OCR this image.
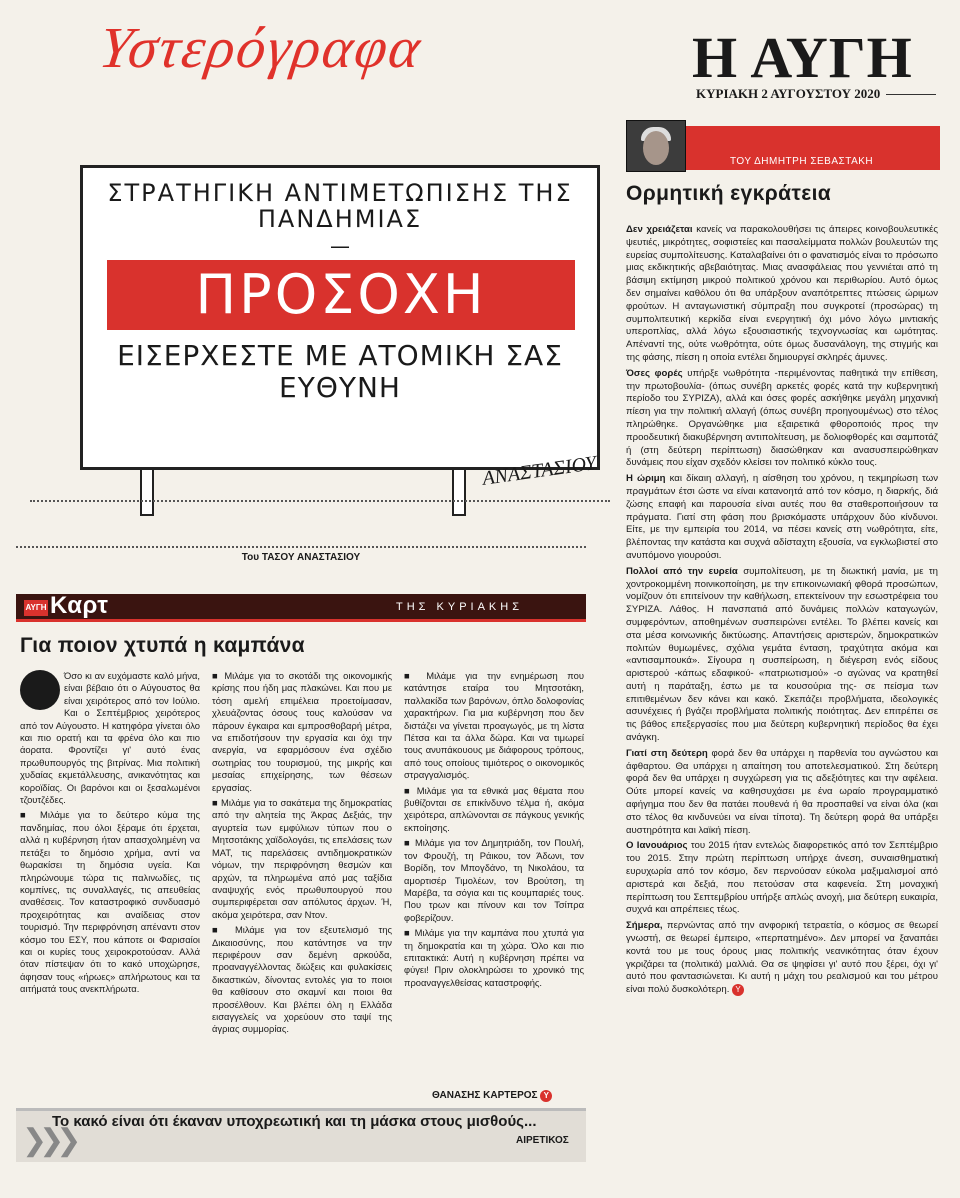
Υστερόγραφα	Η ΑΥΓΗ
ΚΥΡΙΑΚΗ 2 ΑΥΓΟΥΣΤΟΥ 2020
ΣΤΡΑΤΗΓΙΚΗ ΑΝΤΙΜΕΤΩΠΙΣΗΣ ΤΗΣ ΠΑΝΔΗΜΙΑΣ
—
ΠΡΟΣΟΧΗ
ΕΙΣΕΡΧΕΣΤΕ ΜΕ ΑΤΟΜΙΚΗ ΣΑΣ ΕΥΘΥΝΗ
ΑΝΑΣΤΑΣΙΟΥ
Του ΤΑΣΟΥ ΑΝΑΣΤΑΣΙΟΥ
ΤΟΥ ΔΗΜΗΤΡΗ ΣΕΒΑΣΤΑΚΗ
Ορμητική εγκράτεια

Δεν χρειάζεται κανείς να παρακολουθήσει τις άπειρες κοινοβουλευτικές ψευτιές, μικρότητες, σοφιστείες και πασαλείμματα πολλών βουλευτών της ευρείας συμπολίτευσης. Καταλαβαίνει ότι ο φανατισμός είναι το πρόσωπο μιας εκδικητικής αβεβαιότητας. Μιας ανασφάλειας που γεννιέται από τη βάσιμη εκτίμηση μικρού πολιτικού χρόνου και περιθωρίου. Αυτό όμως δεν σημαίνει καθόλου ότι θα υπάρξουν αναπότρεπτες πτώσεις ώριμων φρούτων. Η ανταγωνιστική σύμπραξη που συγκροτεί (προσώρας) τη συμπολιτευτική κερκίδα είναι ενεργητική όχι μόνο λόγω μιντιακής υπεροπλίας, αλλά λόγω εξουσιαστικής τεχνογνωσίας και ωμότητας. Απέναντί της, ούτε νωθρότητα, ούτε όμως δυσανάλογη, της στιγμής και της φάσης, πίεση η οποία εντέλει δημιουργεί σκληρές άμυνες.

Όσες φορές υπήρξε νωθρότητα -περιμένοντας παθητικά την επίθεση, την πρωτοβουλία- (όπως συνέβη αρκετές φορές κατά την κυβερνητική περίοδο του ΣΥΡΙΖΑ), αλλά και όσες φορές ασκήθηκε μεγάλη μηχανική πίεση για την πολιτική αλλαγή (όπως συνέβη προηγουμένως) στο τέλος πληρώθηκε. Οργανώθηκε μια εξαιρετικά φθοροποιός προς την προοδευτική διακυβέρνηση αντιπολίτευση, με δολιοφθορές και σαμποτάζ ή (στη δεύτερη περίπτωση) διασώθηκαν και ανασυσπειρώθηκαν δυνάμεις που είχαν σχεδόν κλείσει τον πολιτικό κύκλο τους.

Η ώριμη και δίκαιη αλλαγή, η αίσθηση του χρόνου, η τεκμηρίωση των πραγμάτων έτσι ώστε να είναι κατανοητά από τον κόσμο, η διαρκής, διά ζώσης επαφή και παρουσία είναι αυτές που θα σταθεροποιήσουν τα πράγματα. Γιατί στη φάση που βρισκόμαστε υπάρχουν δύο κίνδυνοι. Είτε, με την εμπειρία του 2014, να πέσει κανείς στη νωθρότητα, είτε, βλέποντας την κατάστα και συχνά αδίσταχτη εξουσία, να εγκλωβιστεί στο ανυπόμονο γιουρούσι.

Πολλοί από την ευρεία συμπολίτευση, με τη διωκτική μανία, με τη χοντροκομμένη ποινικοποίηση, με την επικοινωνιακή φθορά προσώπων, νομίζουν ότι επιτείνουν την καθήλωση, επεκτείνουν την εσωστρέφεια του ΣΥΡΙΖΑ. Λάθος. Η πανσπατιά από δυνάμεις πολλών καταγωγών, συμφερόντων, αποθημένων συσπειρώνει εντέλει. Το βλέπει κανείς και στα μέσα κοινωνικής δικτύωσης. Απαντήσεις αριστερών, δημοκρατικών πολιτών θυμωμένες, σχόλια γεμάτα ένταση, τραχύτητα ακόμα και «αντισαμπουκά». Σίγουρα η συσπείρωση, η διέγερση ενός είδους αριστερού -κάπως εδαφικού- «πατριωτισμού» -ο αγώνας να κρατηθεί αυτή η παράταξη, έστω με τα κουσούρια της- σε πείσμα των επιτιθεμένων δεν κάνει και κακό. Σκεπάζει προβλήματα, ιδεολογικές ασυνέχειες ή βγάζει προβλήματα πολιτικής ποιότητας. Δεν επιτρέπει σε τις βάθος επεξεργασίες που μια δεύτερη κυβερνητική περίοδος θα έχει ανάγκη.

Γιατί στη δεύτερη φορά δεν θα υπάρχει η παρθενία του αγνώστου και άφθαρτου. Θα υπάρχει η απαίτηση του αποτελεσματικού. Στη δεύτερη φορά δεν θα υπάρχει η συγχώρεση για τις αδεξιότητες και την αφέλεια. Ούτε μπορεί κανείς να καθησυχάσει με ένα ωραίο προγραμματικό αφήγημα που δεν θα πατάει πουθενά ή θα προσπαθεί να είναι όλα (και στο τέλος θα κινδυνεύει να είναι τίποτα). Τη δεύτερη φορά θα υπάρξει αυστηρότητα και λαϊκή πίεση.

Ο Ιανουάριος του 2015 ήταν εντελώς διαφορετικός από τον Σεπτέμβριο του 2015. Στην πρώτη περίπτωση υπήρχε άνεση, συναισθηματική ευρυχωρία από τον κόσμο, δεν περνούσαν εύκολα μαξιμαλισμοί από αριστερά και δεξιά, που πετούσαν στα καφενεία. Στη μοναχική περίπτωση του Σεπτεμβρίου υπήρξε απλώς ανοχή, μια δεύτερη ευκαιρία, συχνά και απρέπειες τέως.

Σήμερα, περνώντας από την ανφορική τετραετία, ο κόσμος σε θεωρεί γνωστή, σε θεωρεί έμπειρο, «περπατημένο». Δεν μπορεί να ξαναπάει κοντά του με τους όρους μιας πολιτικής νεανικότητας όταν έχουν γκριζάρει τα (πολιτικά) μαλλιά. Θα σε ψηφίσει γι' αυτό που ξέρει, όχι γι' αυτό που φαντασιώνεται. Κι αυτή η μάχη του ρεαλισμού και του μέτρου είναι πολύ δυσκολότερη. Y

ΑΥΓΗ Καρτ	ΤΗΣ ΚΥΡΙΑΚΗΣ
Για ποιον χτυπά η καμπάνα

Όσο κι αν ευχόμαστε καλό μήνα, είναι βέβαιο ότι ο Αύγουστος θα είναι χειρότερος από τον Ιούλιο. Και ο Σεπτέμβριος χειρότερος από τον Αύγουστο. Η κατηφόρα γίνεται όλο και πιο ορατή και τα φρένα όλο και πιο άορατα. Φροντίζει γι' αυτό ένας πρωθυπουργός της βιτρίνας. Μια πολιτική χυδαίας εκμετάλλευσης, ανικανότητας και κοροϊδίας. Οι βαρόνοι και οι ξεσαλωμένοι τζουτζέδες.

■ Μιλάμε για το δεύτερο κύμα της πανδημίας, που όλοι ξέραμε ότι έρχεται, αλλά η κυβέρνηση ήταν απασχολημένη να πετάξει το δημόσιο χρήμα, αντί να θωρακίσει τη δημόσια υγεία. Και πληρώνουμε τώρα τις παλινωδίες, τις κομπίνες, τις συναλλαγές, τις απευθείας αναθέσεις. Τον καταστροφικό συνδυασμό προχειρότητας και αναίδειας στον τουρισμό. Την περιφρόνηση απέναντι στον κόσμο του ΕΣΥ, που κάποτε οι Φαρισαίοι και οι κυρίες τους χειροκροτούσαν. Αλλά όταν πίστεψαν ότι το κακό υποχώρησε, άφησαν τους «ήρωες» απλήρωτους και τα αιτήματά τους ανεκπλήρωτα.

■ Μιλάμε για το σκοτάδι της οικονομικής κρίσης που ήδη μας πλακώνει. Και που με τόση αμελή επιμέλεια προετοίμασαν, χλευάζοντας όσους τους καλούσαν να πάρουν έγκαιρα και εμπροσθοβαρή μέτρα, να επιδοτήσουν την εργασία και όχι την ανεργία, να εφαρμόσουν ένα σχέδιο σωτηρίας του τουρισμού, της μικρής και μεσαίας επιχείρησης, των θέσεων εργασίας.

■ Μιλάμε για το σακάτεμα της δημοκρατίας από την αλητεία της Άκρας Δεξιάς, την αγυρτεία των εμφύλιων τύπων που ο Μητσοτάκης χαϊδολογάει, τις επελάσεις των ΜΑΤ, τις παρελάσεις αντιδημοκρατικών νόμων, την περιφρόνηση θεσμών και αρχών, τα πληρωμένα από μας ταξίδια αναψυχής ενός πρωθυπουργού που συμπεριφέρεται σαν απόλυτος άρχων. Ή, ακόμα χειρότερα, σαν Ντον.

■ Μιλάμε για τον εξευτελισμό της Δικαιοσύνης, που κατάντησε να την περιφέρουν σαν δεμένη αρκούδα, προαναγγέλλοντας διώξεις και φυλακίσεις δικαστικών, δίνοντας εντολές για το ποιοι θα καθίσουν στο σκαμνί και ποιοι θα προσέλθουν. Και βλέπει όλη η Ελλάδα εισαγγελείς να χορεύουν στο ταψί της άγριας συμμορίας.

■ Μιλάμε για την ενημέρωση που κατάντησε εταίρα του Μητσοτάκη, παλλακίδα των βαρόνων, όπλο δολοφονίας χαρακτήρων. Για μια κυβέρνηση που δεν διστάζει να γίνεται προαγωγός, με τη λίστα Πέτσα και τα άλλα δώρα. Και να τιμωρεί τους ανυπάκουους με διάφορους τρόπους, από τους οποίους τιμιότερος ο οικονομικός στραγγαλισμός.

■ Μιλάμε για τα εθνικά μας θέματα που βυθίζονται σε επικίνδυνο τέλμα ή, ακόμα χειρότερα, απλώνονται σε πάγκους γενικής εκποίησης.

■ Μιλάμε για τον Δημητριάδη, τον Πουλή, τον Φρουζή, τη Ράικου, τον Άδωνι, τον Βορίδη, τον Μπογδάνο, τη Νικολάου, τα αμορτισέρ Τιμολέων, τον Βρούτση, τη Μαρέβα, τα σόγια και τις κουμπαριές τους. Που τρων και πίνουν και τον Τσίπρα φοβερίζουν.

■ Μιλάμε για την καμπάνα που χτυπά για τη δημοκρατία και τη χώρα. Όλο και πιο επιτακτικά: Αυτή η κυβέρνηση πρέπει να φύγει! Πριν ολοκληρώσει το χρονικό της προαναγγελθείσας καταστροφής.

ΘΑΝΑΣΗΣ ΚΑΡΤΕΡΟΣ Y
❯❯❯
Το κακό είναι ότι έκαναν υποχρεωτική και τη μάσκα στους μισθούς...
ΑΙΡΕΤΙΚΟΣ
